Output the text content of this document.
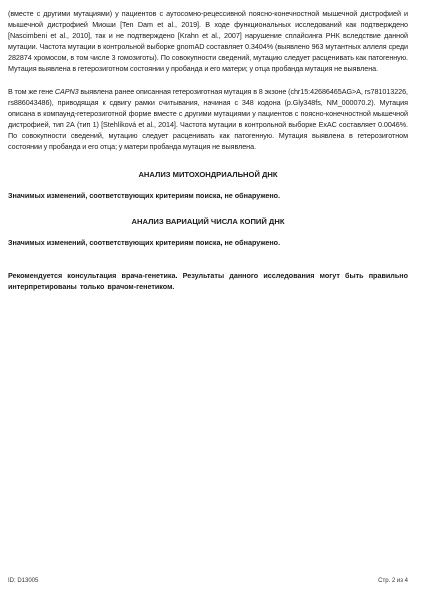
(вместе с другими мутациями) у пациентов с аутосомно-рецессивной поясно-конечностной мышечной дистрофией и мышечной дистрофией Миоши [Ten Dam et al., 2019]. В ходе функциональных исследований как подтверждено [Nascimbeni et al., 2010], так и не подтверждено [Krahn et al., 2007] нарушение сплайсинга РНК вследствие данной мутации. Частота мутации в контрольной выборке gnomAD составляет 0.3404% (выявлено 963 мутантных аллеля среди 282874 хромосом, в том числе 3 гомозиготы). По совокупности сведений, мутацию следует расценивать как патогенную. Мутация выявлена в гетерозиготном состоянии у пробанда и его матери; у отца пробанда мутация не выявлена.

В том же гене CAPN3 выявлена ранее описанная гетерозиготная мутация в 8 экзоне (chr15:42686465AG>A, rs781013226, rs886043486), приводящая к сдвигу рамки считывания, начиная с 348 кодона (p.Gly348fs, NM_000070.2). Мутация описана в компаунд-гетерозиготной форме вместе с другими мутациями у пациентов с поясно-конечностной мышечной дистрофией, тип 2А (тип 1) [Stehlíková et al., 2014]. Частота мутации в контрольной выборке ExAC составляет 0.0046%. По совокупности сведений, мутацию следует расценивать как патогенную. Мутация выявлена в гетерозиготном состоянии у пробанда и его отца; у матери пробанда мутация не выявлена.

АНАЛИЗ МИТОХОНДРИАЛЬНОЙ ДНК

Значимых изменений, соответствующих критериям поиска, не обнаружено.

АНАЛИЗ ВАРИАЦИЙ ЧИСЛА КОПИЙ ДНК

Значимых изменений, соответствующих критериям поиска, не обнаружено.

Рекомендуется консультация врача-генетика. Результаты данного исследования могут быть правильно интерпретированы только врачом-генетиком.

ID: D13005	Стр. 2 из 4
